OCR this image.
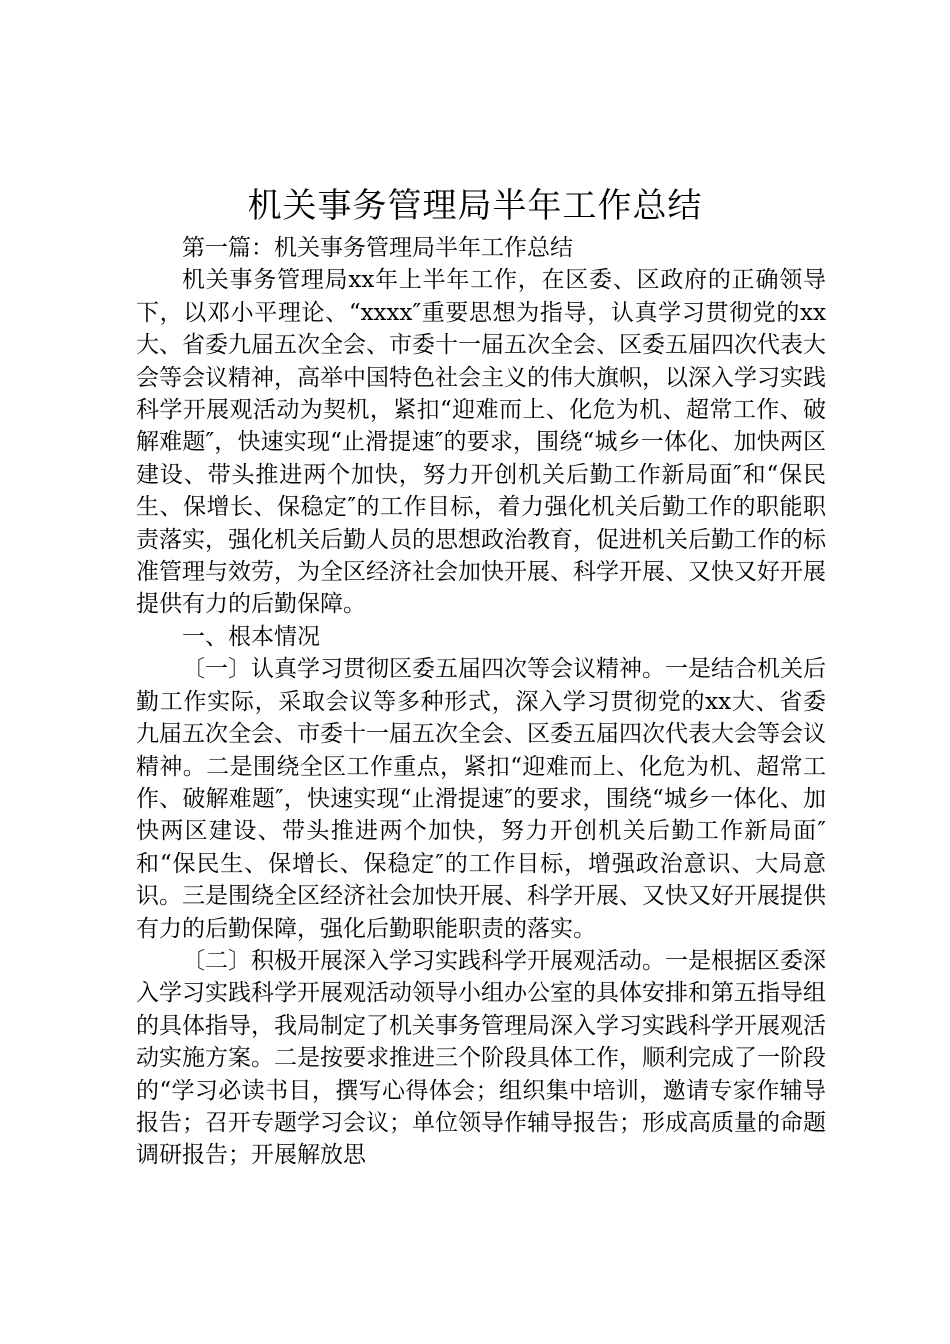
机关事务管理局半年工作总结

第一篇：机关事务管理局半年工作总结

机关事务管理局xx年上半年工作，在区委、区政府的正确领导下，以邓小平理论、“xxxx″重要思想为指导，认真学习贯彻党的xx大、省委九届五次全会、市委十一届五次全会、区委五届四次代表大会等会议精神，高举中国特色社会主义的伟大旗帜，以深入学习实践科学开展观活动为契机，紧扣“迎难而上、化危为机、超常工作、破解难题″，快速实现“止滑提速″的要求，围绕“城乡一体化、加快两区建设、带头推进两个加快，努力开创机关后勤工作新局面″和“保民生、保增长、保稳定″的工作目标，着力强化机关后勤工作的职能职责落实，强化机关后勤人员的思想政治教育，促进机关后勤工作的标准管理与效劳，为全区经济社会加快开展、科学开展、又快又好开展提供有力的后勤保障。

一、根本情况

〔一〕认真学习贯彻区委五届四次等会议精神。一是结合机关后勤工作实际，采取会议等多种形式，深入学习贯彻党的xx大、省委九届五次全会、市委十一届五次全会、区委五届四次代表大会等会议精神。二是围绕全区工作重点，紧扣“迎难而上、化危为机、超常工作、破解难题″，快速实现“止滑提速″的要求，围绕“城乡一体化、加快两区建设、带头推进两个加快，努力开创机关后勤工作新局面″和“保民生、保增长、保稳定″的工作目标，增强政治意识、大局意识。三是围绕全区经济社会加快开展、科学开展、又快又好开展提供有力的后勤保障，强化后勤职能职责的落实。

〔二〕积极开展深入学习实践科学开展观活动。一是根据区委深入学习实践科学开展观活动领导小组办公室的具体安排和第五指导组的具体指导，我局制定了机关事务管理局深入学习实践科学开展观活动实施方案。二是按要求推进三个阶段具体工作，顺利完成了一阶段的“学习必读书目，撰写心得体会；组织集中培训，邀请专家作辅导报告；召开专题学习会议；单位领导作辅导报告；形成高质量的命题调研报告；开展解放思
